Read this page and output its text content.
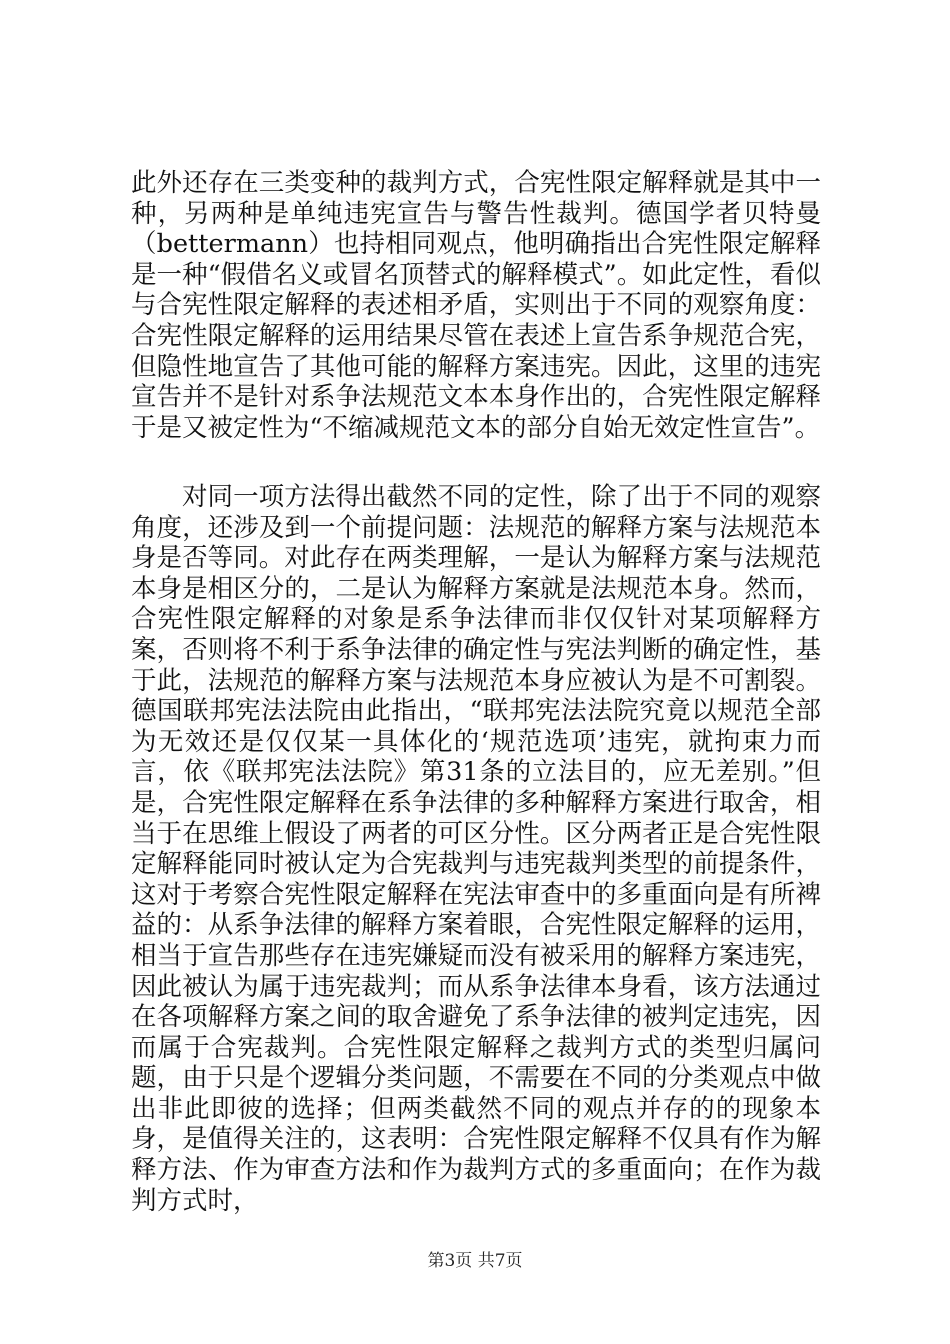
此外还存在三类变种的裁判方式，合宪性限定解释就是其中一种，另两种是单纯违宪宣告与警告性裁判。德国学者贝特曼（bettermann）也持相同观点，他明确指出合宪性限定解释是一种“假借名义或冒名顶替式的解释模式”。如此定性，看似与合宪性限定解释的表述相矛盾，实则出于不同的观察角度：合宪性限定解释的运用结果尽管在表述上宣告系争规范合宪，但隐性地宣告了其他可能的解释方案违宪。因此，这里的违宪宣告并不是针对系争法规范文本本身作出的，合宪性限定解释于是又被定性为“不缩减规范文本的部分自始无效定性宣告”。

对同一项方法得出截然不同的定性，除了出于不同的观察角度，还涉及到一个前提问题：法规范的解释方案与法规范本身是否等同。对此存在两类理解，一是认为解释方案与法规范本身是相区分的，二是认为解释方案就是法规范本身。然而，合宪性限定解释的对象是系争法律而非仅仅针对某项解释方案，否则将不利于系争法律的确定性与宪法判断的确定性，基于此，法规范的解释方案与法规范本身应被认为是不可割裂。德国联邦宪法法院由此指出，“联邦宪法法院究竟以规范全部为无效还是仅仅某一具体化的‘规范选项’违宪，就拘束力而言，依《联邦宪法法院》第31条的立法目的，应无差别。”但是，合宪性限定解释在系争法律的多种解释方案进行取舍，相当于在思维上假设了两者的可区分性。区分两者正是合宪性限定解释能同时被认定为合宪裁判与违宪裁判类型的前提条件，这对于考察合宪性限定解释在宪法审查中的多重面向是有所裨益的：从系争法律的解释方案着眼，合宪性限定解释的运用，相当于宣告那些存在违宪嫌疑而没有被采用的解释方案违宪，因此被认为属于违宪裁判；而从系争法律本身看，该方法通过在各项解释方案之间的取舍避免了系争法律的被判定违宪，因而属于合宪裁判。合宪性限定解释之裁判方式的类型归属问题，由于只是个逻辑分类问题，不需要在不同的分类观点中做出非此即彼的选择；但两类截然不同的观点并存的的现象本身，是值得关注的，这表明：合宪性限定解释不仅具有作为解释方法、作为审查方法和作为裁判方式的多重面向；在作为裁判方式时，

第3页 共7页
